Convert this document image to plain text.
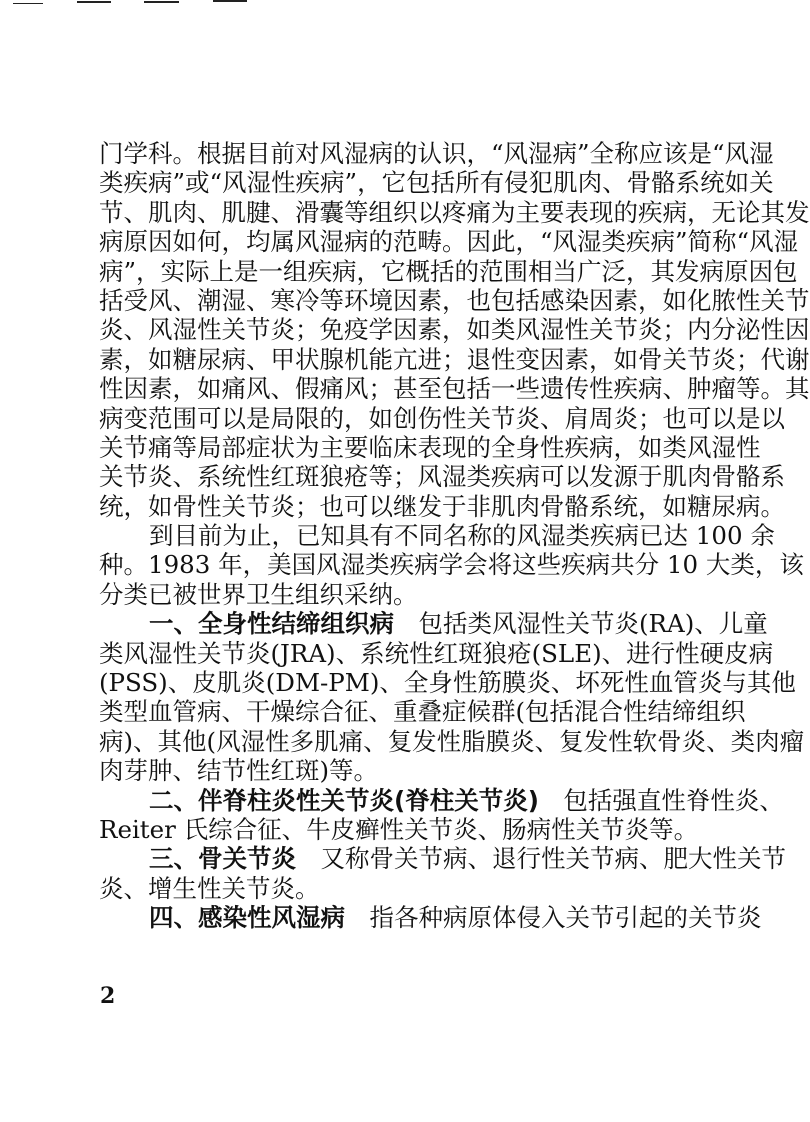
门学科。根据目前对风湿病的认识，“风湿病”全称应该是“风湿
类疾病”或“风湿性疾病”，它包括所有侵犯肌肉、骨骼系统如关
节、肌肉、肌腱、滑囊等组织以疼痛为主要表现的疾病，无论其发
病原因如何，均属风湿病的范畴。因此，“风湿类疾病”简称“风湿
病”，实际上是一组疾病，它概括的范围相当广泛，其发病原因包
括受风、潮湿、寒冷等环境因素，也包括感染因素，如化脓性关节
炎、风湿性关节炎；免疫学因素，如类风湿性关节炎；内分泌性因
素，如糖尿病、甲状腺机能亢进；退性变因素，如骨关节炎；代谢
性因素，如痛风、假痛风；甚至包括一些遗传性疾病、肿瘤等。其
病变范围可以是局限的，如创伤性关节炎、肩周炎；也可以是以
关节痛等局部症状为主要临床表现的全身性疾病，如类风湿性
关节炎、系统性红斑狼疮等；风湿类疾病可以发源于肌肉骨骼系
统，如骨性关节炎；也可以继发于非肌肉骨骼系统，如糖尿病。
到目前为止，已知具有不同名称的风湿类疾病已达 100 余
种。1983 年，美国风湿类疾病学会将这些疾病共分 10 大类，该
分类已被世界卫生组织采纳。
一、全身性结缔组织病　包括类风湿性关节炎(RA)、儿童
类风湿性关节炎(JRA)、系统性红斑狼疮(SLE)、进行性硬皮病
(PSS)、皮肌炎(DM-PM)、全身性筋膜炎、坏死性血管炎与其他
类型血管病、干燥综合征、重叠症候群(包括混合性结缔组织
病)、其他(风湿性多肌痛、复发性脂膜炎、复发性软骨炎、类肉瘤
肉芽肿、结节性红斑)等。
二、伴脊柱炎性关节炎(脊柱关节炎)　包括强直性脊性炎、
Reiter 氏综合征、牛皮癣性关节炎、肠病性关节炎等。
三、骨关节炎　又称骨关节病、退行性关节病、肥大性关节
炎、增生性关节炎。
四、感染性风湿病　指各种病原体侵入关节引起的关节炎
2
